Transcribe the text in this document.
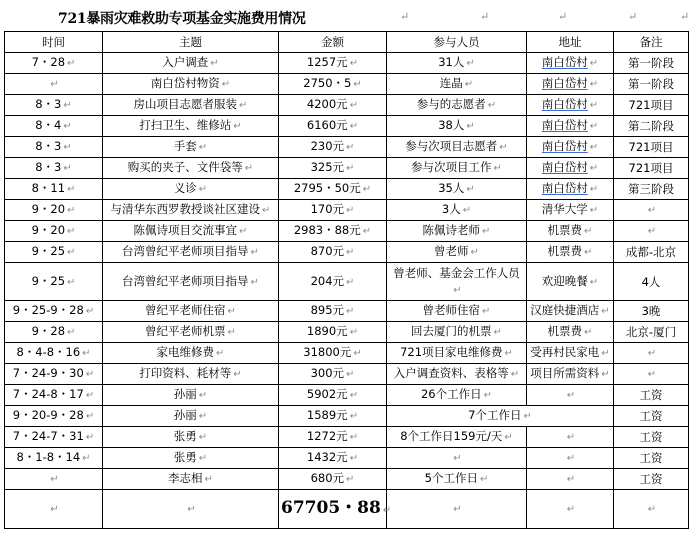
721暴雨灾难救助专项基金实施费用情况	↵	↵	↵	↵	↵
时间	主题	金额	参与人员	地址	备注
7・28 ↵	入户调查 ↵	1257元 ↵	31人 ↵	南白岱村 ↵	第一阶段
↵	南白岱村物资 ↵	2750・5 ↵	连晶 ↵	南白岱村 ↵	第一阶段
8・3 ↵	房山项目志愿者服装 ↵	4200元 ↵	参与的志愿者 ↵	南白岱村 ↵	721项目
8・4 ↵	打扫卫生、维修站 ↵	6160元 ↵	38人 ↵	南白岱村 ↵	第二阶段
8・3 ↵	手套 ↵	230元 ↵	参与次项目志愿者 ↵	南白岱村 ↵	721项目
8・3 ↵	购买的夹子、文件袋等 ↵	325元 ↵	参与次项目工作 ↵	南白岱村 ↵	721项目
8・11 ↵	义诊 ↵	2795・50元 ↵	35人 ↵	南白岱村 ↵	第三阶段
9・20 ↵	与清华东西罗教授谈社区建设 ↵	170元 ↵	3人 ↵	清华大学 ↵	↵
9・20 ↵	陈佩诗项目交流事宜 ↵	2983・88元 ↵	陈佩诗老师 ↵	机票费 ↵	↵
9・25 ↵	台湾曾纪平老师项目指导 ↵	870元 ↵	曾老师 ↵	机票费 ↵	成都-北京
9・25 ↵	台湾曾纪平老师项目指导 ↵	204元 ↵	曾老师、基金会工作人员↵	欢迎晚餐 ↵	4人
9・25-9・28 ↵	曾纪平老师住宿 ↵	895元 ↵	曾老师住宿 ↵	汉庭快捷酒店 ↵	3晚
9・28 ↵	曾纪平老师机票 ↵	1890元 ↵	回去厦门的机票 ↵	机票费 ↵	北京-厦门
8・4-8・16 ↵	家电维修费 ↵	31800元 ↵	721项目家电维修费 ↵	受再村民家电 ↵	↵
7・24-9・30 ↵	打印资料、耗材等 ↵	300元 ↵	入户调查资料、表格等 ↵	项目所需资料 ↵	↵
7・24-8・17 ↵	孙丽 ↵	5902元 ↵	26个工作日 ↵	↵	工资
9・20-9・28 ↵	孙丽 ↵	1589元 ↵	7个工作日 ↵		工资
7・24-7・31 ↵	张勇 ↵	1272元 ↵	8个工作日159元/天 ↵	↵	工资
8・1-8・14 ↵	张勇 ↵	1432元 ↵	↵	↵	工资
↵	李志相 ↵	680元 ↵	5个工作日 ↵	↵	工资
↵	↵	67705・88 ↵	↵	↵	↵
